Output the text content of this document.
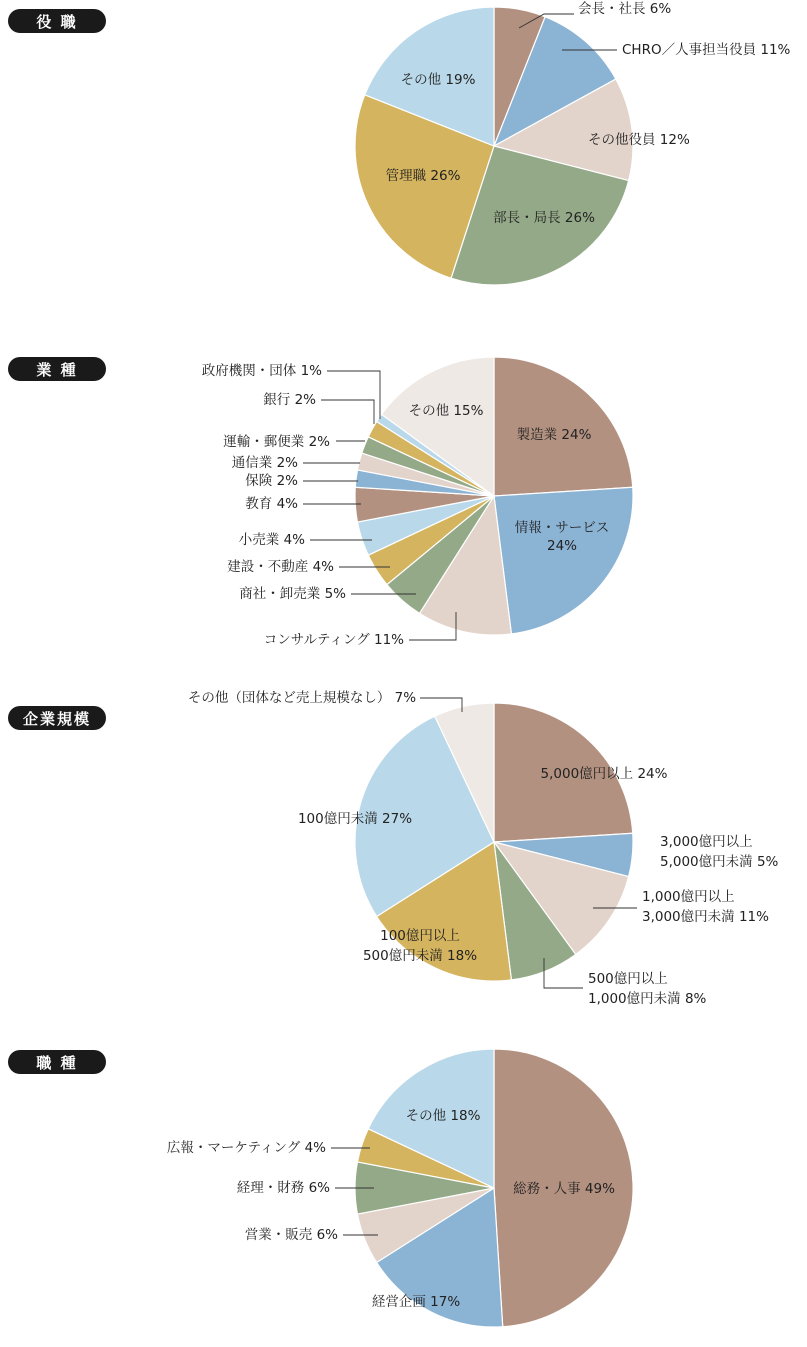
役 職
業 種
企業規模
職 種
会長・社長 6%
CHRO／人事担当役員 11%
その他役員 12%
部長・局長 26%
管理職 26%
その他 19%
製造業 24%
情報・サービス 24%
コンサルティング 11%
商社・卸売業 5%
建設・不動産 4%
小売業 4%
教育 4%
保険 2%
通信業 2%
運輸・郵便業 2%
銀行 2%
政府機関・団体 1%
その他 15%
5,000億円以上 24%
3,000億円以上 5,000億円未満 5%
1,000億円以上 3,000億円未満 11%
500億円以上 1,000億円未満 8%
100億円以上 500億円未満 18%
100億円未満 27%
その他（団体など売上規模なし） 7%
総務・人事 49%
経営企画 17%
営業・販売 6%
経理・財務 6%
広報・マーケティング 4%
その他 18%
